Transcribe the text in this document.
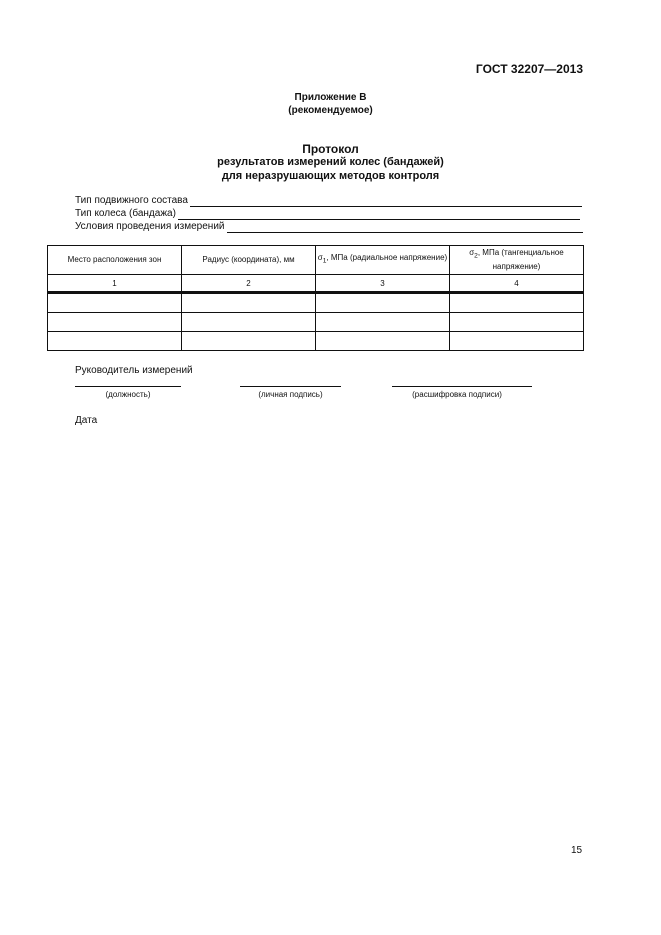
ГОСТ 32207—2013
Приложение В
(рекомендуемое)
Протокол
результатов измерений колес (бандажей)
для неразрушающих методов контроля
Тип подвижного состава
Тип колеса (бандажа)
Условия проведения измерений
Место расположения зон	Радиус (координата), мм	$\sigma_1$, МПа (радиальное напряжение)	$\sigma_2$, МПа (тангенциальное напряжение)
1	2	3	4

Руководитель измерений
(должность)	(личная подпись)	(расшифровка подписи)
Дата
15
